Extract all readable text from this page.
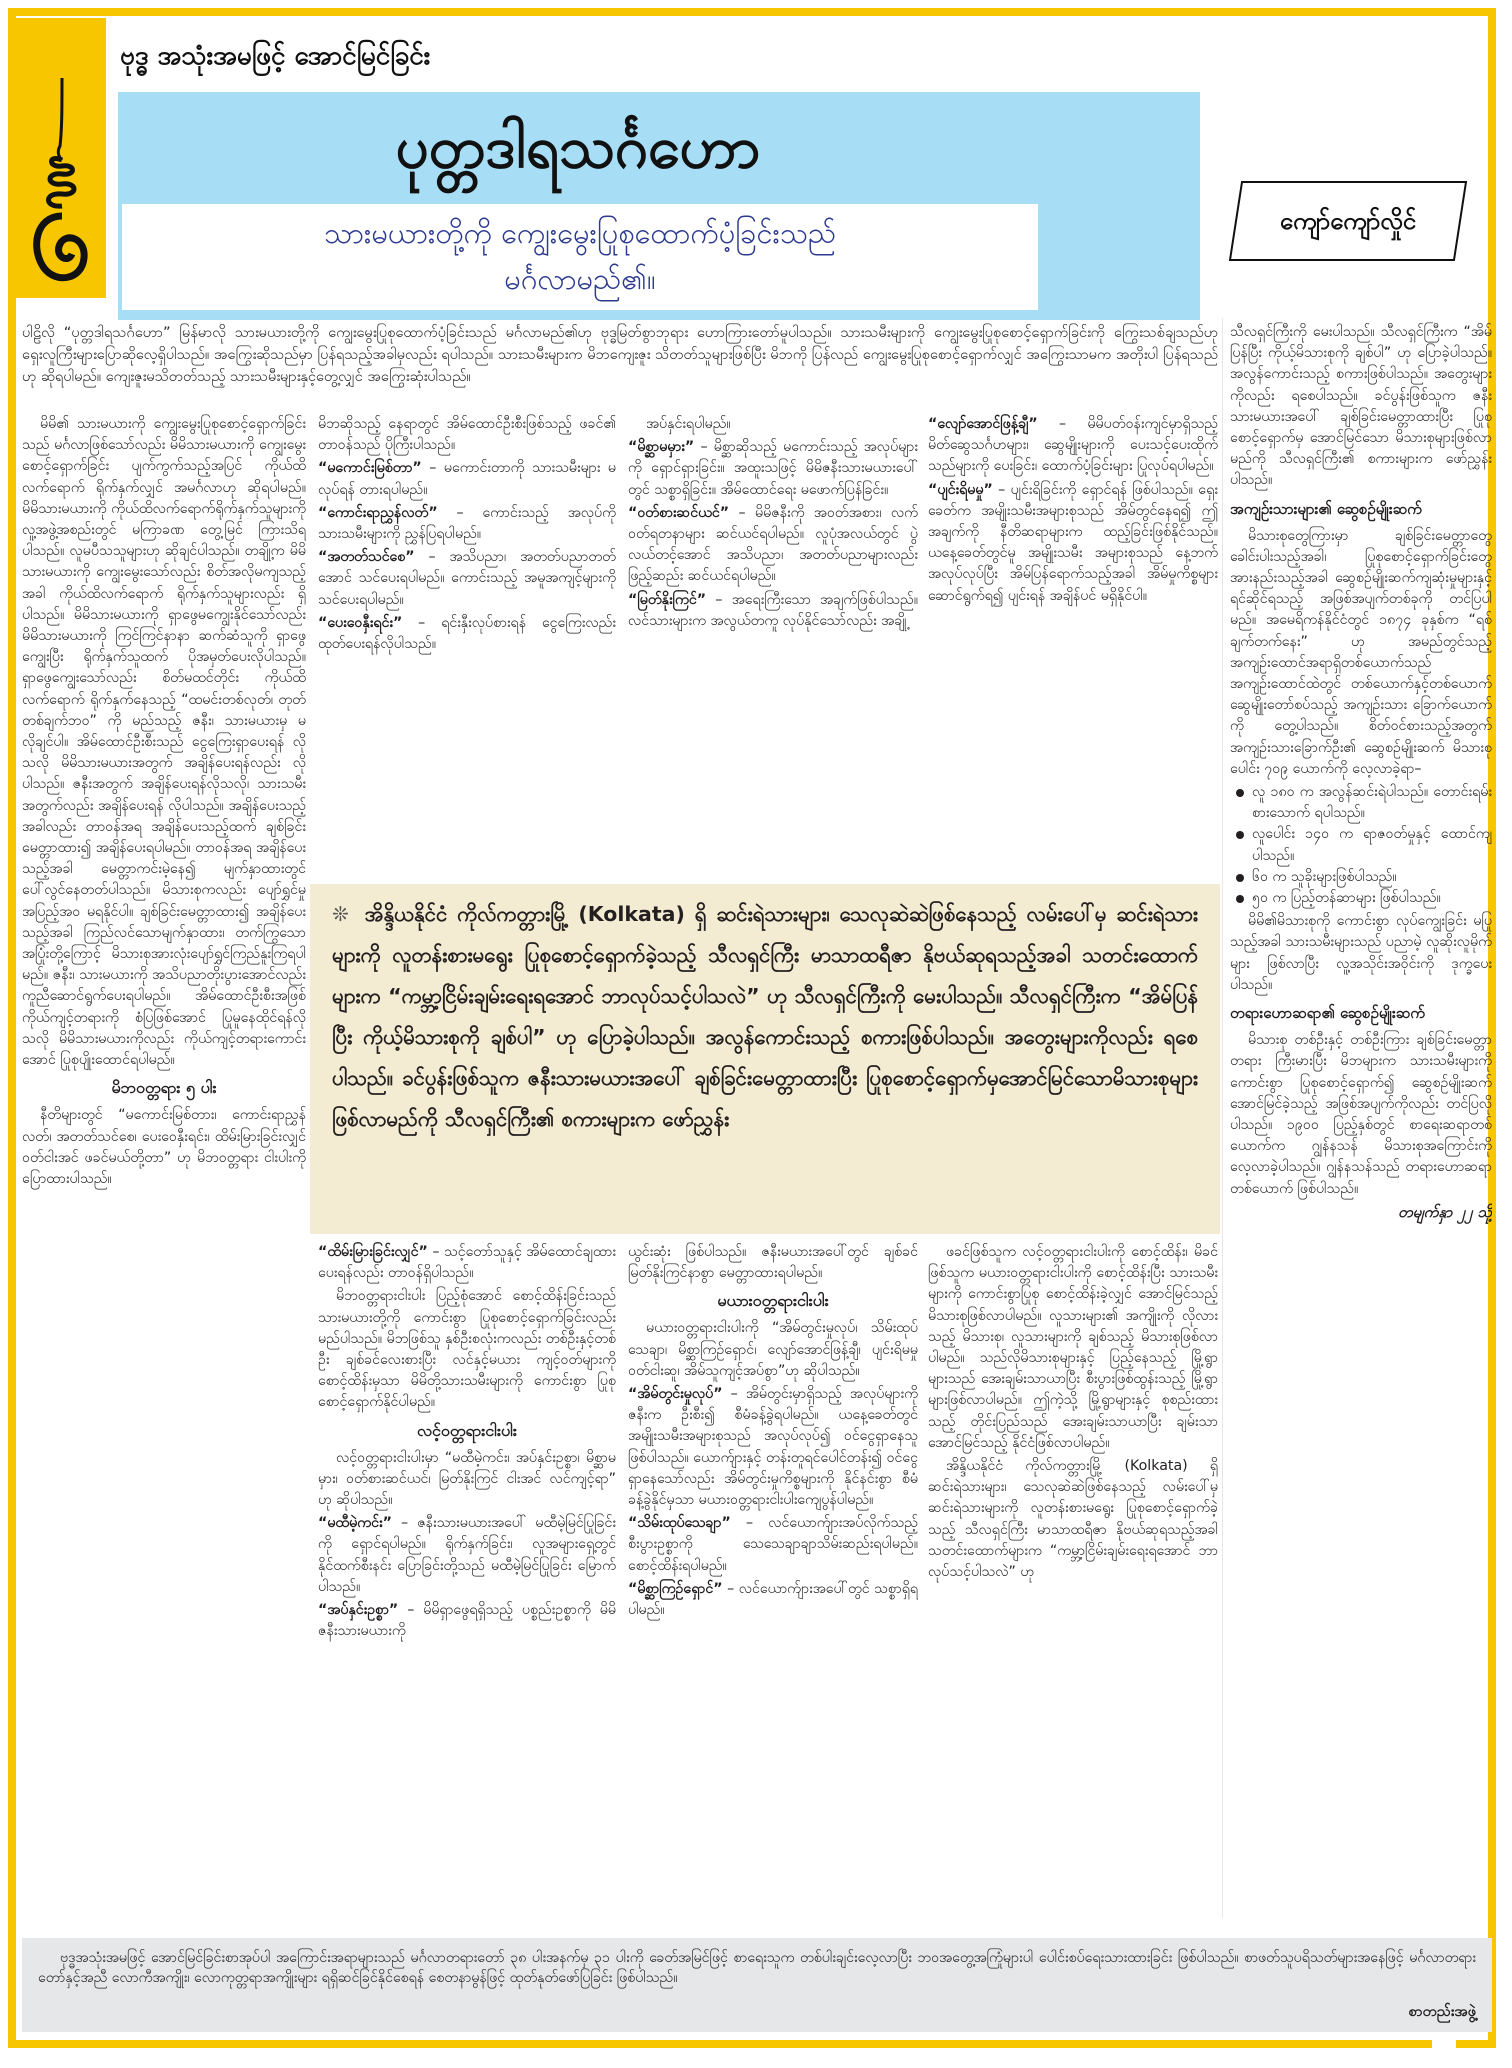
ဗုဒ္ဓ အသုံးအမဖြင့် အောင်မြင်ခြင်း
ပုတ္တဒါရသင်္ဂဟော
သားမယားတို့ကို ကျွေးမွေးပြုစုထောက်ပံ့ခြင်းသည်
မင်္ဂလာမည်၏။
ကျော်ကျော်လှိုင်

ပါဠိလို “ပုတ္တဒါရသင်္ဂဟော” မြန်မာလို သားမယားတို့ကို ကျွေးမွေးပြုစုထောက်ပံ့ခြင်းသည် မင်္ဂလာမည်၏ဟု ဗုဒ္ဓမြတ်စွာဘုရား ဟောကြားတော်မူပါသည်။ သားသမီးများကို ကျွေးမွေးပြုစုစောင့်ရှောက်ခြင်းကို ကြွေးသစ်ချသည်ဟုရှေးလူကြီးများပြောဆိုလေ့ရှိပါသည်။ အကြွေးဆိုသည်မှာ ပြန်ရသည့်အခါမှလည်း ရပါသည်။ သားသမီးများက မိဘကျေးဇူး သိတတ်သူများဖြစ်ပြီး မိဘကို ပြန်လည် ကျွေးမွေးပြုစုစောင့်ရှောက်လျှင် အကြွေးသာမက အတိုးပါ ပြန်ရသည်ဟု ဆိုရပါမည်။ ကျေးဇူးမသိတတ်သည့် သားသမီးများနှင့်တွေ့လျှင် အကြွေးဆုံးပါသည်။

မိမိ၏ သားမယားကို ကျွေးမွေးပြုစုစောင့်ရှောက်ခြင်းသည် မင်္ဂလာဖြစ်သော်လည်း မိမိသားမယားကို ကျွေးမွေးစောင့်ရှောက်ခြင်း ပျက်ကွက်သည့်အပြင် ကိုယ်ထိလက်ရောက် ရိုက်နှက်လျှင် အမင်္ဂလာဟု ဆိုရပါမည်။ မိမိသားမယားကို ကိုယ်ထိလက်ရောက်ရိုက်နှက်သူများကို လူ့အဖွဲ့အစည်းတွင် မကြာခဏ တွေ့မြင် ကြားသိရပါသည်။ လူမပီသသူများဟု ဆိုချင်ပါသည်။ တချို့က မိမိသားမယားကို ကျွေးမွေးသော်လည်း စိတ်အလိုမကျသည့်အခါ ကိုယ်ထိလက်ရောက် ရိုက်နှက်သူများလည်း ရှိပါသည်။ မိမိသားမယားကို ရှာဖွေမကျွေးနိုင်သော်လည်း မိမိသားမယားကို ကြင်ကြင်နာနာ ဆက်ဆံသူကို ရှာဖွေကျွေးပြီး ရိုက်နှက်သူထက် ပိုအမှတ်ပေးလိုပါသည်။ ရှာဖွေကျွေးသော်လည်း စိတ်မထင်တိုင်း ကိုယ်ထိလက်ရောက် ရိုက်နှက်နေသည့် “ထမင်းတစ်လုတ်၊ တုတ်တစ်ချက်ဘဝ” ကို မည်သည့် ဇနီး၊ သားမယားမှ မလိုချင်ပါ။ အိမ်ထောင်ဦးစီးသည် ငွေကြေးရှာပေးရန် လိုသလို မိမိသားမယားအတွက် အချိန်ပေးရန်လည်း လိုပါသည်။ ဇနီးအတွက် အချိန်ပေးရန်လိုသလို၊ သားသမီးအတွက်လည်း အချိန်ပေးရန် လိုပါသည်။ အချိန်ပေးသည့်အခါလည်း တာဝန်အရ အချိန်ပေးသည့်ထက် ချစ်ခြင်းမေတ္တာထား၍ အချိန်ပေးရပါမည်။ တာဝန်အရ အချိန်ပေးသည့်အခါ မေတ္တာကင်းမဲ့နေ၍ မျက်နှာထားတွင် ပေါ်လွင်နေတတ်ပါသည်။ မိသားစုကလည်း ပျော်ရွှင်မှုအပြည့်အဝ မရနိုင်ပါ။ ချစ်ခြင်းမေတ္တာထား၍ အချိန်ပေးသည့်အခါ ကြည်လင်သောမျက်နှာထား၊ တက်ကြွသော အပြုံးတို့ကြောင့် မိသားစုအားလုံးပျော်ရွှင်ကြည်နူးကြရပါမည်။ ဇနီး၊ သားမယားကို အသိပညာတိုးပွားအောင်လည်း ကူညီဆောင်ရွက်ပေးရပါမည်။ အိမ်ထောင်ဦးစီးအဖြစ် ကိုယ်ကျင့်တရားကို စံပြဖြစ်အောင် ပြုမူနေထိုင်ရန်လိုသလို မိမိသားမယားကိုလည်း ကိုယ်ကျင့်တရားကောင်းအောင် ပြုစုပျိုးထောင်ရပါမည်။

မိဘဝတ္တရား ၅ ပါး

နီတိများတွင် “မကောင်းမြစ်တား၊ ကောင်းရာညွှန်လတ်၊ အတတ်သင်စေ၊ ပေးဝေနှီးရင်း၊ ထိမ်းမြားခြင်းလျှင် ဝတ်ငါးအင် ဖခင်မယ်တို့တာ” ဟု မိဘဝတ္တရား ငါးပါးကို ပြောထားပါသည်။

မိဘဆိုသည့် နေရာတွင် အိမ်ထောင်ဦးစီးဖြစ်သည့် ဖခင်၏ တာဝန်သည် ပိုကြီးပါသည်။

“မကောင်းမြစ်တာ” – မကောင်းတာကို သားသမီးများ မလုပ်ရန် တားရပါမည်။

“ကောင်းရာညွှန်လတ်” – ကောင်းသည့် အလုပ်ကို သားသမီးများကို ညွှန်ပြရပါမည်။

“အတတ်သင်စေ” – အသိပညာ၊ အတတ်ပညာတတ်အောင် သင်ပေးရပါမည်။ ကောင်းသည့် အမူအကျင့်များကို သင်ပေးရပါမည်။

“ပေးဝေနှီးရင်း” – ရင်းနှီးလုပ်စားရန် ငွေကြေးလည်းထုတ်ပေးရန်လိုပါသည်။

အပ်နှင်းရပါမည်။

“မိစ္ဆာမမှား” – မိစ္ဆာဆိုသည့် မကောင်းသည့် အလုပ်များကို ရှောင်ရှားခြင်း။ အထူးသဖြင့် မိမိဇနီးသားမယားပေါ်တွင် သစ္စာရှိခြင်း။ အိမ်ထောင်ရေး မဖောက်ပြန်ခြင်း။

“ဝတ်စားဆင်ယင်” – မိမိဇနီးကို အဝတ်အစား၊ လက်ဝတ်ရတနာများ ဆင်ယင်ရပါမည်။ လူပုံအလယ်တွင် ပွဲလယ်တင့်အောင် အသိပညာ၊ အတတ်ပညာများလည်း ဖြည့်ဆည်း ဆင်ယင်ရပါမည်။

“မြတ်နိုးကြင်” – အရေးကြီးသော အချက်ဖြစ်ပါသည်။ လင်သားများက အလွယ်တကူ လုပ်နိုင်သော်လည်း အချို့

“လျော်အောင်ဖြန့်ချီ” – မိမိပတ်ဝန်းကျင်မှာရှိသည့် မိတ်ဆွေသင်္ဂဟများ၊ ဆွေမျိုးများကို ပေးသင့်ပေးထိုက်သည်များကို ပေးခြင်း၊ ထောက်ပံ့ခြင်းများ ပြုလုပ်ရပါမည်။

“ပျင်းရိမမှု” – ပျင်းရိခြင်းကို ရှောင်ရန် ဖြစ်ပါသည်။ ရှေးခေတ်က အမျိုးသမီးအများစုသည် အိမ်တွင်နေရ၍ ဤအချက်ကို နီတိဆရာများက ထည့်ခြင်းဖြစ်နိုင်သည်။ ယနေ့ခေတ်တွင်မူ အမျိုးသမီး အများစုသည် နေ့ဘက်အလုပ်လုပ်ပြီး အိမ်ပြန်ရောက်သည့်အခါ အိမ်မှုကိစ္စများဆောင်ရွက်ရ၍ ပျင်းရန် အချိန်ပင် မရှိနိုင်ပါ။

❊ အိန္ဒိယနိုင်ငံ ကိုလ်ကတ္တားမြို့ (Kolkata) ရှိ ဆင်းရဲသားများ၊ သေလုဆဲဆဲဖြစ်နေသည့် လမ်းပေါ်မှ ဆင်းရဲသားများကို လူတန်းစားမရွေး ပြုစုစောင့်ရှောက်ခဲ့သည့် သီလရှင်ကြီး မာသာထရီဇာ နိုဗယ်ဆုရသည့်အခါ သတင်းထောက်များက “ကမ္ဘာ့ငြိမ်းချမ်းရေးရအောင် ဘာလုပ်သင့်ပါသလဲ” ဟု သီလရှင်ကြီးကို မေးပါသည်။ သီလရှင်ကြီးက “အိမ်ပြန်ပြီး ကိုယ့်မိသားစုကို ချစ်ပါ” ဟု ပြောခဲ့ပါသည်။ အလွန်ကောင်းသည့် စကားဖြစ်ပါသည်။ အတွေးများကိုလည်း ရစေပါသည်။ ခင်ပွန်းဖြစ်သူက ဇနီးသားမယားအပေါ် ချစ်ခြင်းမေတ္တာထားပြီး ပြုစုစောင့်ရှောက်မှအောင်မြင်သောမိသားစုများ ဖြစ်လာမည်ကို သီလရှင်ကြီး၏ စကားများက ဖော်ညွှန်း

“ထိမ်းမြားခြင်းလျှင်” – သင့်တော်သူနှင့် အိမ်ထောင်ချထားပေးရန်လည်း တာဝန်ရှိပါသည်။

မိဘဝတ္တရားငါးပါး ပြည့်စုံအောင် စောင့်ထိန်းခြင်းသည် သားမယားတို့ကို ကောင်းစွာ ပြုစုစောင့်ရှောက်ခြင်းလည်း မည်ပါသည်။ မိဘဖြစ်သူ နှစ်ဦးစလုံးကလည်း တစ်ဦးနှင့်တစ်ဦး ချစ်ခင်လေးစားပြီး လင်နှင့်မယား ကျင့်ဝတ်များကို စောင့်ထိန်းမှသာ မိမိတို့သားသမီးများကို ကောင်းစွာ ပြုစုစောင့်ရှောက်နိုင်ပါမည်။

လင့်ဝတ္တရားငါးပါး

လင့်ဝတ္တရားငါးပါးမှာ “မထီမဲ့ကင်း၊ အပ်နှင်းဥစ္စာ၊ မိစ္ဆာမမှား၊ ဝတ်စားဆင်ယင်၊ မြတ်နိုးကြင် ငါးအင် လင်ကျင့်ရာ” ဟု ဆိုပါသည်။

“မထီမဲ့ကင်း” – ဇနီးသားမယားအပေါ် မထီမဲ့မြင်ပြုခြင်းကို ရှောင်ရပါမည်။ ရိုက်နှက်ခြင်း၊ လူအများရှေ့တွင် နိုင်ထက်စီးနင်း ပြောခြင်းတို့သည် မထီမဲ့မြင်ပြုခြင်း မြောက်ပါသည်။

“အပ်နှင်းဥစ္စာ” – မိမိရှာဖွေရရှိသည့် ပစ္စည်းဥစ္စာကို မိမိဇနီးသားမယားကို

ယွင်းဆုံး ဖြစ်ပါသည်။ ဇနီးမယားအပေါ်တွင် ချစ်ခင်မြတ်နိုးကြင်နာစွာ မေတ္တာထားရပါမည်။

မယားဝတ္တရားငါးပါး

မယားဝတ္တရားငါးပါးကို “အိမ်တွင်းမှုလုပ်၊ သိမ်းထုပ် သေချာ၊ မိစ္ဆာကြဉ်ရှောင်၊ လျော်အောင်ဖြန့်ချီ၊ ပျင်းရိမမှု ဝတ်ငါးဆူ၊ အိမ်သူကျင့်အပ်စွာ”ဟု ဆိုပါသည်။

“အိမ်တွင်းမှုလုပ်” – အိမ်တွင်းမှာရှိသည့် အလုပ်များကို ဇနီးက ဦးစီး၍ စီမံခန့်ခွဲရပါမည်။ ယနေ့ခေတ်တွင် အမျိုးသမီးအများစုသည် အလုပ်လုပ်၍ ဝင်ငွေရှာနေသူ ဖြစ်ပါသည်။ ယောက်ျားနှင့် တန်းတူရင်ပေါင်တန်း၍ ဝင်ငွေရှာနေသော်လည်း အိမ်တွင်းမှုကိစ္စများကို နိုင်နင်းစွာ စီမံခန့်ခွဲနိုင်မှသာ မယားဝတ္တရားငါးပါးကျေပွန်ပါမည်။

“သိမ်းထုပ်သေချာ” – လင်ယောက်ျားအပ်လိုက်သည့် စီးပွားဥစ္စာကို သေသေချာချာသိမ်းဆည်းရပါမည်။ စောင့်ထိန်းရပါမည်။

“မိစ္ဆာကြဉ်ရှောင်” – လင်ယောက်ျားအပေါ်တွင် သစ္စာရှိရပါမည်။

ဖခင်ဖြစ်သူက လင့်ဝတ္တရားငါးပါးကို စောင့်ထိန်း၊ မိခင်ဖြစ်သူက မယားဝတ္တရားငါးပါးကို စောင့်ထိန်းပြီး သားသမီးများကို ကောင်းစွာပြုစု စောင့်ထိန်းခဲ့လျှင် အောင်မြင်သည့် မိသားစုဖြစ်လာပါမည်။ လူသားများ၏ အကျိုးကို လိုလားသည့် မိသားစု၊ လူသားများကို ချစ်သည့် မိသားစုဖြစ်လာပါမည်။ သည်လိုမိသားစုများနှင့် ပြည့်နေသည့် မြို့ရွာများသည် အေးချမ်းသာယာပြီး စီးပွားဖြစ်ထွန်းသည့် မြို့ရွာများဖြစ်လာပါမည်။ ဤကဲ့သို့ မြို့ရွာများနှင့် စုစည်းထားသည့် တိုင်းပြည်သည် အေးချမ်းသာယာပြီး ချမ်းသာအောင်မြင်သည့် နိုင်ငံဖြစ်လာပါမည်။

အိန္ဒိယနိုင်ငံ ကိုလ်ကတ္တားမြို့ (Kolkata) ရှိ ဆင်းရဲသားများ၊ သေလုဆဲဆဲဖြစ်နေသည့် လမ်းပေါ်မှ ဆင်းရဲသားများကို လူတန်းစားမရွေး ပြုစုစောင့်ရှောက်ခဲ့သည့် သီလရှင်ကြီး မာသာထရီဇာ နိုဗယ်ဆုရသည့်အခါ သတင်းထောက်များက “ကမ္ဘာ့ငြိမ်းချမ်းရေးရအောင် ဘာလုပ်သင့်ပါသလဲ” ဟု

သီလရှင်ကြီးကို မေးပါသည်။ သီလရှင်ကြီးက “အိမ်ပြန်ပြီး ကိုယ့်မိသားစုကို ချစ်ပါ” ဟု ပြောခဲ့ပါသည်။ အလွန်ကောင်းသည့် စကားဖြစ်ပါသည်။ အတွေးများကိုလည်း ရစေပါသည်။ ခင်ပွန်းဖြစ်သူက ဇနီးသားမယားအပေါ် ချစ်ခြင်းမေတ္တာထားပြီး ပြုစုစောင့်ရှောက်မှ အောင်မြင်သော မိသားစုများဖြစ်လာမည်ကို သီလရှင်ကြီး၏ စကားများက ဖော်ညွှန်းပါသည်။

အကျဉ်းသားများ၏ ဆွေစဉ်မျိုးဆက်

မိသားစုတွေကြားမှာ ချစ်ခြင်းမေတ္တာတွေ ခေါင်းပါးသည့်အခါ၊ ပြုစုစောင့်ရှောက်ခြင်းတွေ အားနည်းသည့်အခါ ဆွေစဉ်မျိုးဆက်ကျဆုံးမှုများနှင့် ရင်ဆိုင်ရသည့် အဖြစ်အပျက်တစ်ခုကို တင်ပြပါမည်။ အမေရိကန်နိုင်ငံတွင် ၁၈၇၄ ခုနှစ်က “ရစ်ချက်တက်နေး” ဟု အမည်တွင်သည့် အကျဉ်းထောင်အရာရှိတစ်ယောက်သည် အကျဉ်းထောင်ထဲတွင် တစ်ယောက်နှင့်တစ်ယောက် ဆွေမျိုးတော်စပ်သည့် အကျဉ်းသား ခြောက်ယောက်ကို တွေ့ပါသည်။ စိတ်ဝင်စားသည့်အတွက် အကျဉ်းသားခြောက်ဦး၏ ဆွေစဉ်မျိုးဆက် မိသားစုပေါင်း ၇၀၉ ယောက်ကို လေ့လာခဲ့ရာ–

လူ ၁၈၀ က အလွန်ဆင်းရဲပါသည်။ တောင်းရမ်းစားသောက် ရပါသည်။
လူပေါင်း ၁၄၀ က ရာဇဝတ်မှုနှင့် ထောင်ကျပါသည်။
၆၀ က သူခိုးများဖြစ်ပါသည်။
၅၀ က ပြည့်တန်ဆာများ ဖြစ်ပါသည်။

မိမိ၏မိသားစုကို ကောင်းစွာ လုပ်ကျွေးခြင်း မပြုသည့်အခါ သားသမီးများသည် ပညာမဲ့ လူဆိုးလူမိုက်များ ဖြစ်လာပြီး လူ့အသိုင်းအဝိုင်းကို ဒုက္ခပေးပါသည်။

တရားဟောဆရာ၏ ဆွေစဉ်မျိုးဆက်

မိသားစု တစ်ဦးနှင့် တစ်ဦးကြား ချစ်ခြင်းမေတ္တာတရား ကြီးမားပြီး မိဘများက သားသမီးများကို ကောင်းစွာ ပြုစုစောင့်ရှောက်၍ ဆွေစဉ်မျိုးဆက် အောင်မြင်ခဲ့သည့် အဖြစ်အပျက်ကိုလည်း တင်ပြလိုပါသည်။ ၁၉၀၀ ပြည့်နှစ်တွင် စာရေးဆရာတစ်ယောက်က ဂျွန်နသန် မိသားစုအကြောင်းကို လေ့လာခဲ့ပါသည်။ ဂျွန်နသန်သည် တရားဟောဆရာ တစ်ယောက် ဖြစ်ပါသည်။

တမျက်နှာ ၂၂ သို့

ဗုဒ္ဓအသုံးအမဖြင့် အောင်မြင်ခြင်းစာအုပ်ပါ အကြောင်းအရာများသည် မင်္ဂလာတရားတော် ၃၈ ပါးအနက်မှ ၃၁ ပါးကို ခေတ်အမြင်ဖြင့် စာရေးသူက တစ်ပါးချင်းလေ့လာပြီး ဘဝအတွေ့အကြုံများပါ ပေါင်းစပ်ရေးသားထားခြင်း ဖြစ်ပါသည်။ စာဖတ်သူပရိသတ်များအနေဖြင့် မင်္ဂလာတရားတော်နှင့်အညီ လောကီအကျိုး၊ လောကုတ္တရာအကျိုးများ ရရှိဆင်ခြင်နိုင်စေရန် စေတနာမွန်ဖြင့် ထုတ်နုတ်ဖော်ပြခြင်း ဖြစ်ပါသည်။

စာတည်းအဖွဲ့
